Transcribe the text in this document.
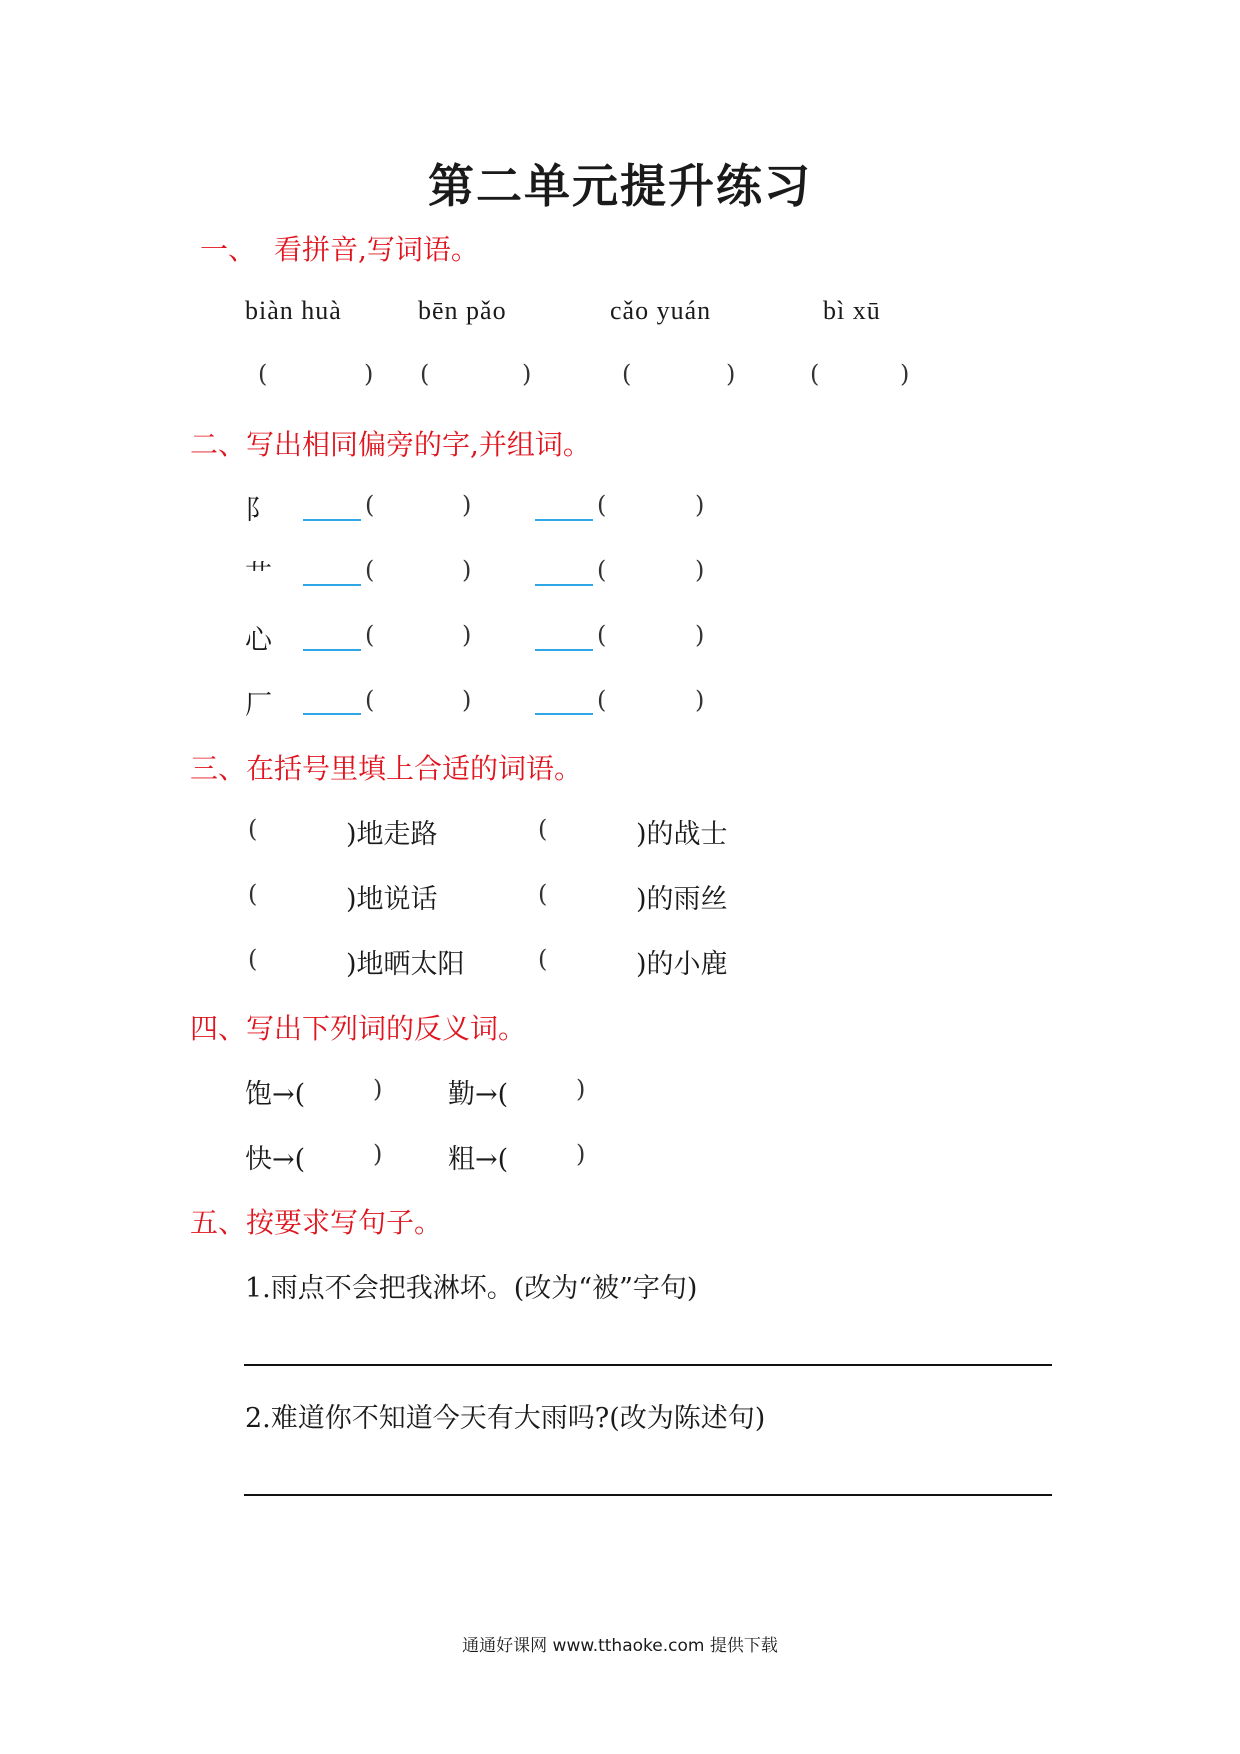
第二单元提升练习
一、 看拼音,写词语。
biàn huà	bēn pǎo	cǎo yuán	bì xū
(	) (	)	(	)	(	)
二、写出相同偏旁的字,并组词。
阝	(	)	(	)
艹	(	)	(	)
心	(	)	(	)
厂	(	)	(	)
三、在括号里填上合适的词语。
(	)地走路	(	)的战士
(	)地说话	(	)的雨丝
(	)地晒太阳	(	)的小鹿
四、写出下列词的反义词。
饱→(	) 勤→(	)
快→(	) 粗→(	)
五、按要求写句子。
1.雨点不会把我淋坏。(改为“被”字句)
2.难道你不知道今天有大雨吗?(改为陈述句)
通通好课网 www.tthaoke.com 提供下载
